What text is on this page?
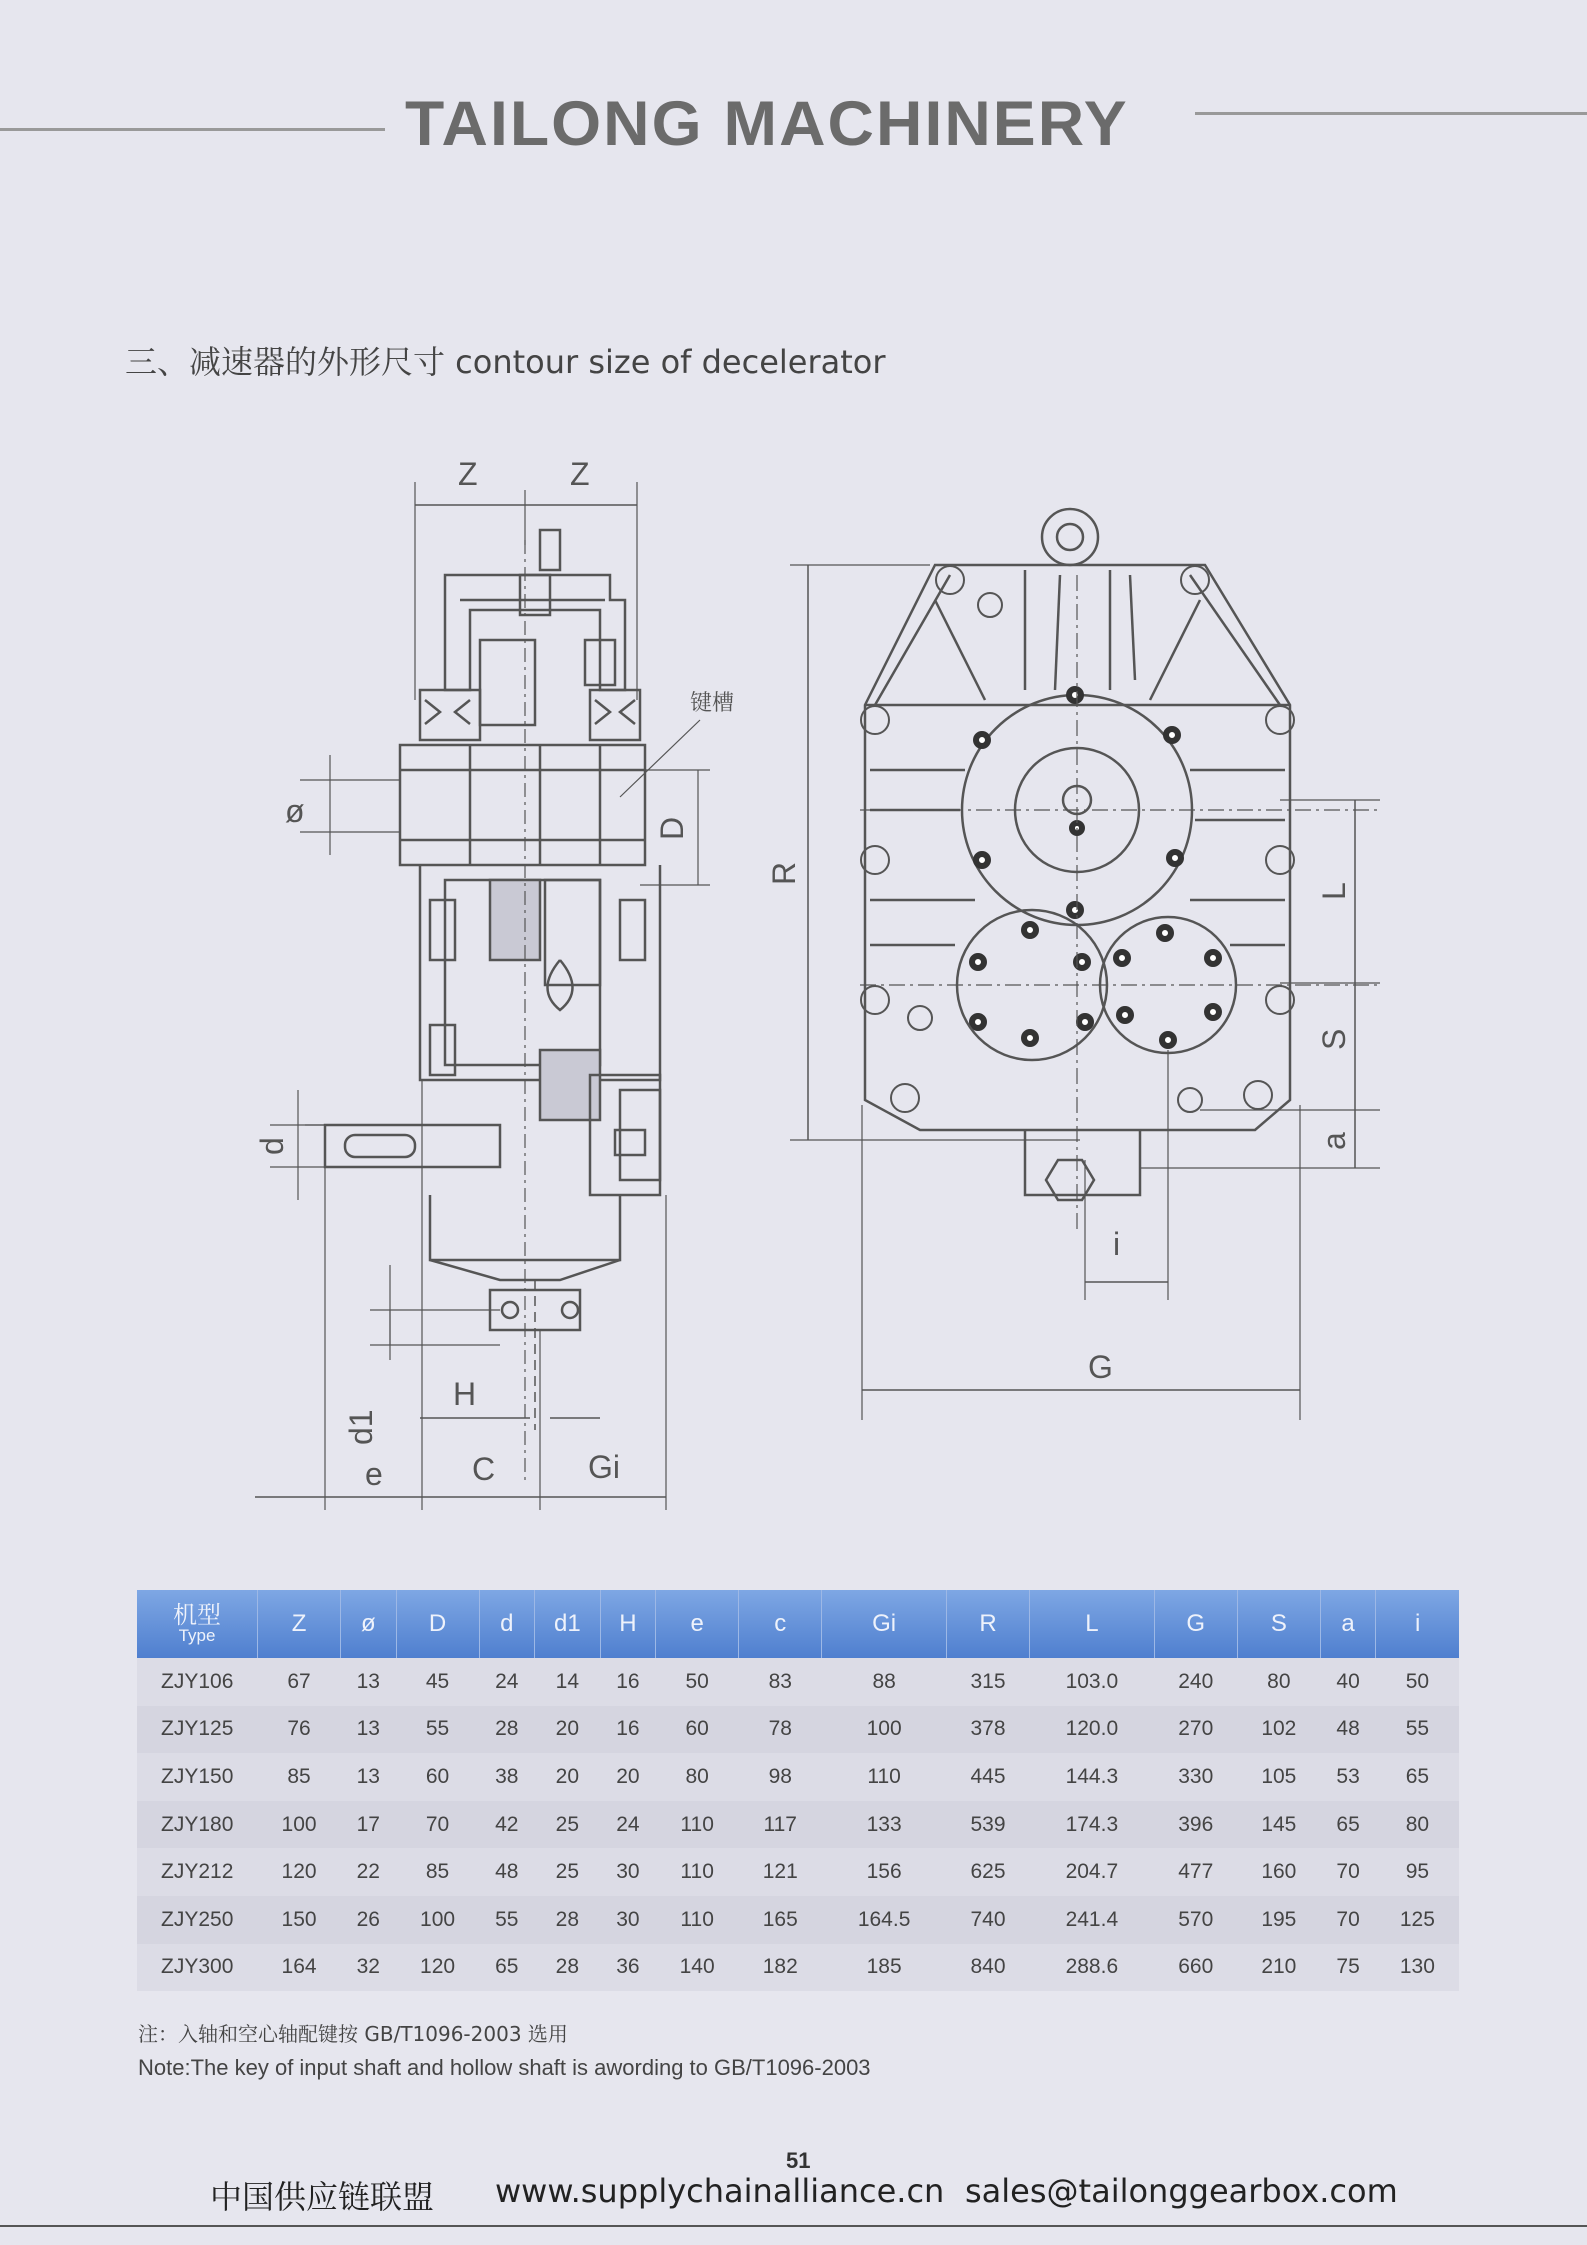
TAILONG MACHINERY
三、减速器的外形尺寸 contour size of decelerator
键槽
Z	Z
ø	D
d
d1
H
e	C	Gi
R
L
S
a
i
G
机型
Type	Z	ø	D	d	d1	H	e	c	Gi	R	L	G	S	a	i
ZJY106	67	13	45	24	14	16	50	83	88	315	103.0	240	80	40	50
ZJY125	76	13	55	28	20	16	60	78	100	378	120.0	270	102	48	55
ZJY150	85	13	60	38	20	20	80	98	110	445	144.3	330	105	53	65
ZJY180	100	17	70	42	25	24	110	117	133	539	174.3	396	145	65	80
ZJY212	120	22	85	48	25	30	110	121	156	625	204.7	477	160	70	95
ZJY250	150	26	100	55	28	30	110	165	164.5	740	241.4	570	195	70	125
ZJY300	164	32	120	65	28	36	140	182	185	840	288.6	660	210	75	130

注：入轴和空心轴配键按 GB/T1096-2003 选用

Note:The key of input shaft and hollow shaft is awording to GB/T1096-2003

51
中国供应链联盟 www.supplychainalliance.cn sales@tailonggearbox.com
